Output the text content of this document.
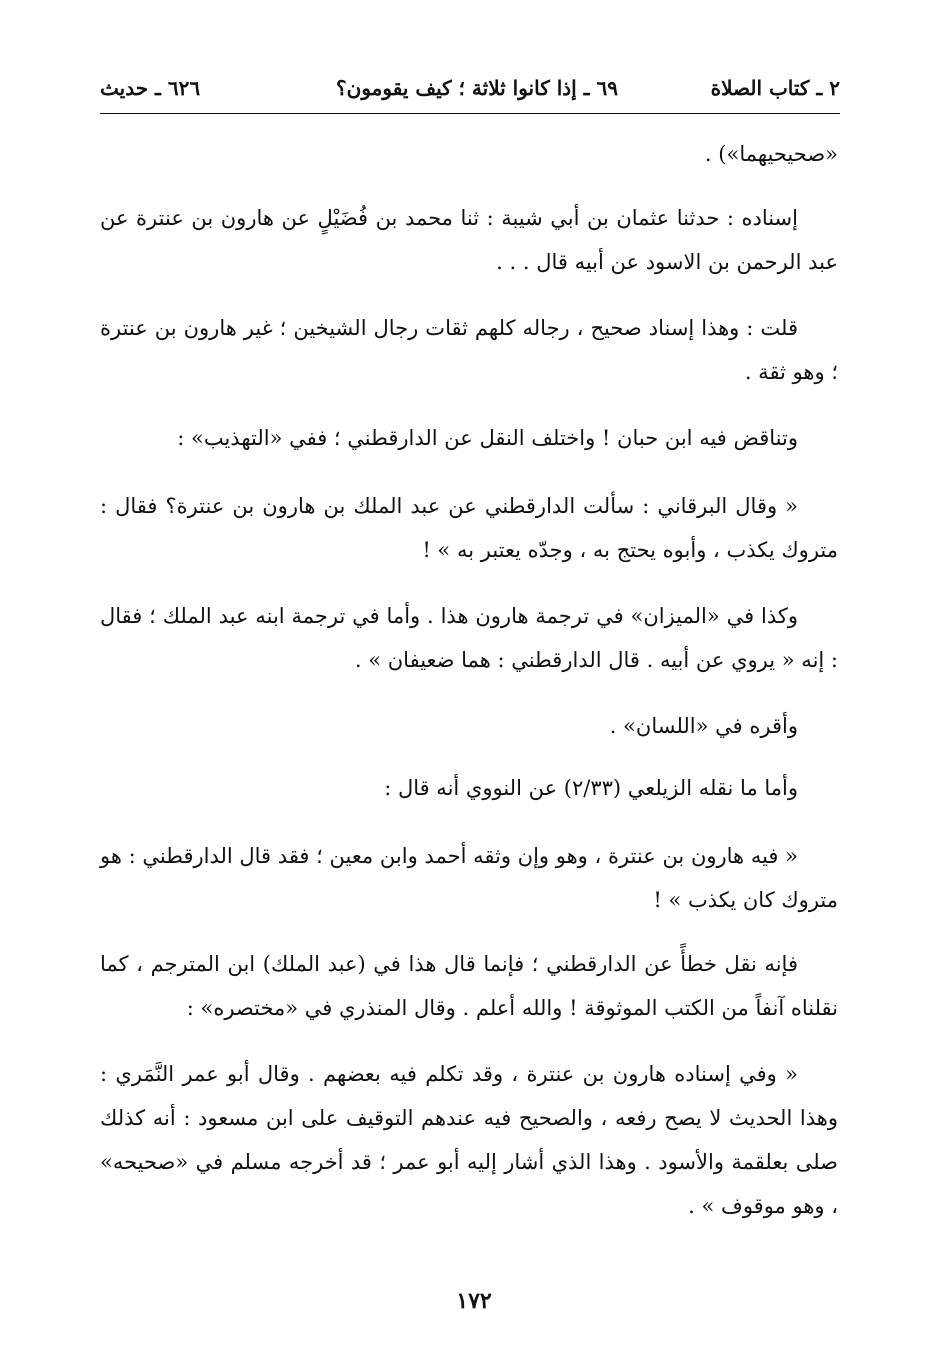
٢ ـ كتاب الصلاة
٦٩ ـ إذا كانوا ثلاثة ؛ كيف يقومون؟
٦٢٦ ـ حديث

«صحيحيهما») .

إسناده : حدثنا عثمان بن أبي شيبة : ثنا محمد بن فُضَيْلٍ عن هارون بن عنترة عن عبد الرحمن بن الاسود عن أبيه قال . . .

قلت : وهذا إسناد صحيح ، رجاله كلهم ثقات رجال الشيخين ؛ غير هارون بن عنترة ؛ وهو ثقة .

وتناقض فيه ابن حبان ! واختلف النقل عن الدارقطني ؛ ففي «التهذيب» :

« وقال البرقاني : سألت الدارقطني عن عبد الملك بن هارون بن عنترة؟ فقال : متروك يكذب ، وأبوه يحتج به ، وجدّه يعتبر به » !

وكذا في «الميزان» في ترجمة هارون هذا . وأما في ترجمة ابنه عبد الملك ؛ فقال : إنه « يروي عن أبيه . قال الدارقطني : هما ضعيفان » .

وأقره في «اللسان» .

وأما ما نقله الزيلعي (٢/٣٣) عن النووي أنه قال :

« فيه هارون بن عنترة ، وهو وإن وثقه أحمد وابن معين ؛ فقد قال الدارقطني : هو متروك كان يكذب » !

فإنه نقل خطأً عن الدارقطني ؛ فإنما قال هذا في (عبد الملك) ابن المترجم ، كما نقلناه آنفاً من الكتب الموثوقة ! والله أعلم . وقال المنذري في «مختصره» :

« وفي إسناده هارون بن عنترة ، وقد تكلم فيه بعضهم . وقال أبو عمر النَّمَري : وهذا الحديث لا يصح رفعه ، والصحيح فيه عندهم التوقيف على ابن مسعود : أنه كذلك صلى بعلقمة والأسود . وهذا الذي أشار إليه أبو عمر ؛ قد أخرجه مسلم في «صحيحه» ، وهو موقوف » .

١٧٢
